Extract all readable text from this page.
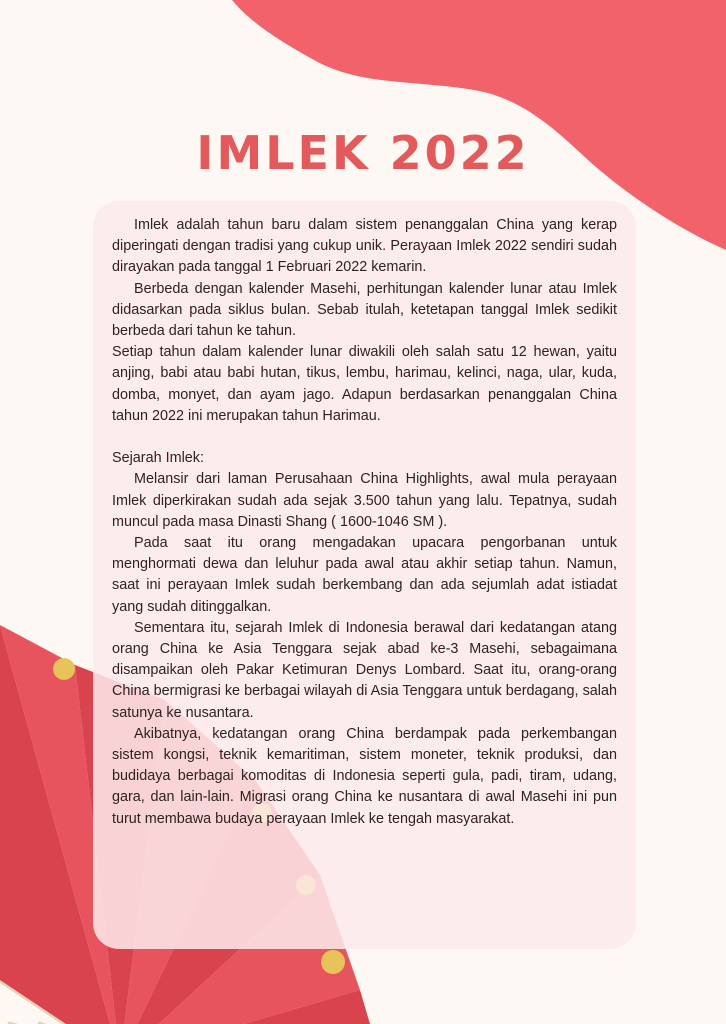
IMLEK 2022

Imlek adalah tahun baru dalam sistem penanggalan China yang kerap diperingati dengan tradisi yang cukup unik. Perayaan Imlek 2022 sendiri sudah dirayakan pada tanggal 1 Februari 2022 kemarin.

Berbeda dengan kalender Masehi, perhitungan kalender lunar atau Imlek didasarkan pada siklus bulan. Sebab itulah, ketetapan tanggal Imlek sedikit berbeda dari tahun ke tahun.

Setiap tahun dalam kalender lunar diwakili oleh salah satu 12 hewan, yaitu anjing, babi atau babi hutan, tikus, lembu, harimau, kelinci, naga, ular, kuda, domba, monyet, dan ayam jago. Adapun berdasarkan penanggalan China tahun 2022 ini merupakan tahun Harimau.

Sejarah Imlek:

Melansir dari laman Perusahaan China Highlights, awal mula perayaan Imlek diperkirakan sudah ada sejak 3.500 tahun yang lalu. Tepatnya, sudah muncul pada masa Dinasti Shang ( 1600-1046 SM ).

Pada saat itu orang mengadakan upacara pengorbanan untuk menghormati dewa dan leluhur pada awal atau akhir setiap tahun. Namun, saat ini perayaan Imlek sudah berkembang dan ada sejumlah adat istiadat yang sudah ditinggalkan.

Sementara itu, sejarah Imlek di Indonesia berawal dari kedatangan atang orang China ke Asia Tenggara sejak abad ke-3 Masehi, sebagaimana disampaikan oleh Pakar Ketimuran Denys Lombard. Saat itu, orang-orang China bermigrasi ke berbagai wilayah di Asia Tenggara untuk berdagang, salah satunya ke nusantara.

Akibatnya, kedatangan orang China berdampak pada perkembangan sistem kongsi, teknik kemaritiman, sistem moneter, teknik produksi, dan budidaya berbagai komoditas di Indonesia seperti gula, padi, tiram, udang, gara, dan lain-lain. Migrasi orang China ke nusantara di awal Masehi ini pun turut membawa budaya perayaan Imlek ke tengah masyarakat.
